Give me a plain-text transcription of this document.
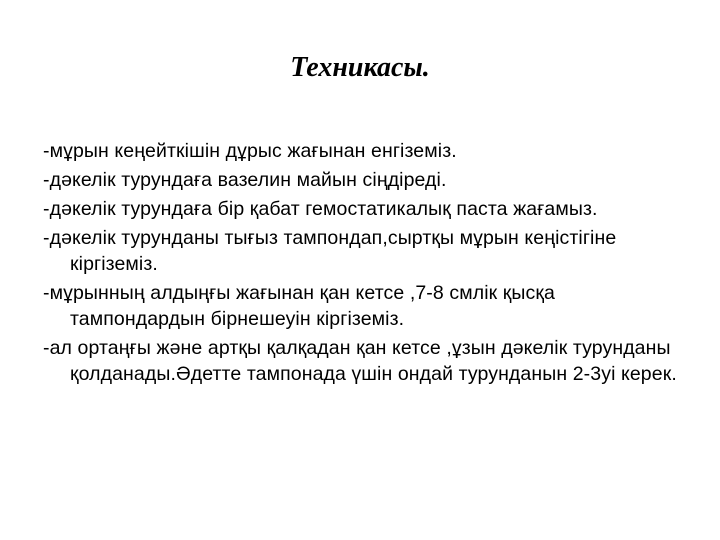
Техникасы.
-мұрын кеңейткішін дұрыс жағынан енгіземіз.
-дәкелік турундаға вазелин майын сіңдіреді.
-дәкелік турундаға бір қабат гемостатикалық паста жағамыз.
-дәкелік турунданы тығыз тампондап,сыртқы мұрын кеңістігіне кіргіземіз.
-мұрынның алдыңғы жағынан қан кетсе ,7-8 смлік қысқа тампондардын бірнешеуін кіргіземіз.
-ал ортаңғы және артқы қалқадан қан кетсе ,ұзын дәкелік турунданы қолданады.Әдетте тампонада үшін ондай турунданын 2-3уі керек.
